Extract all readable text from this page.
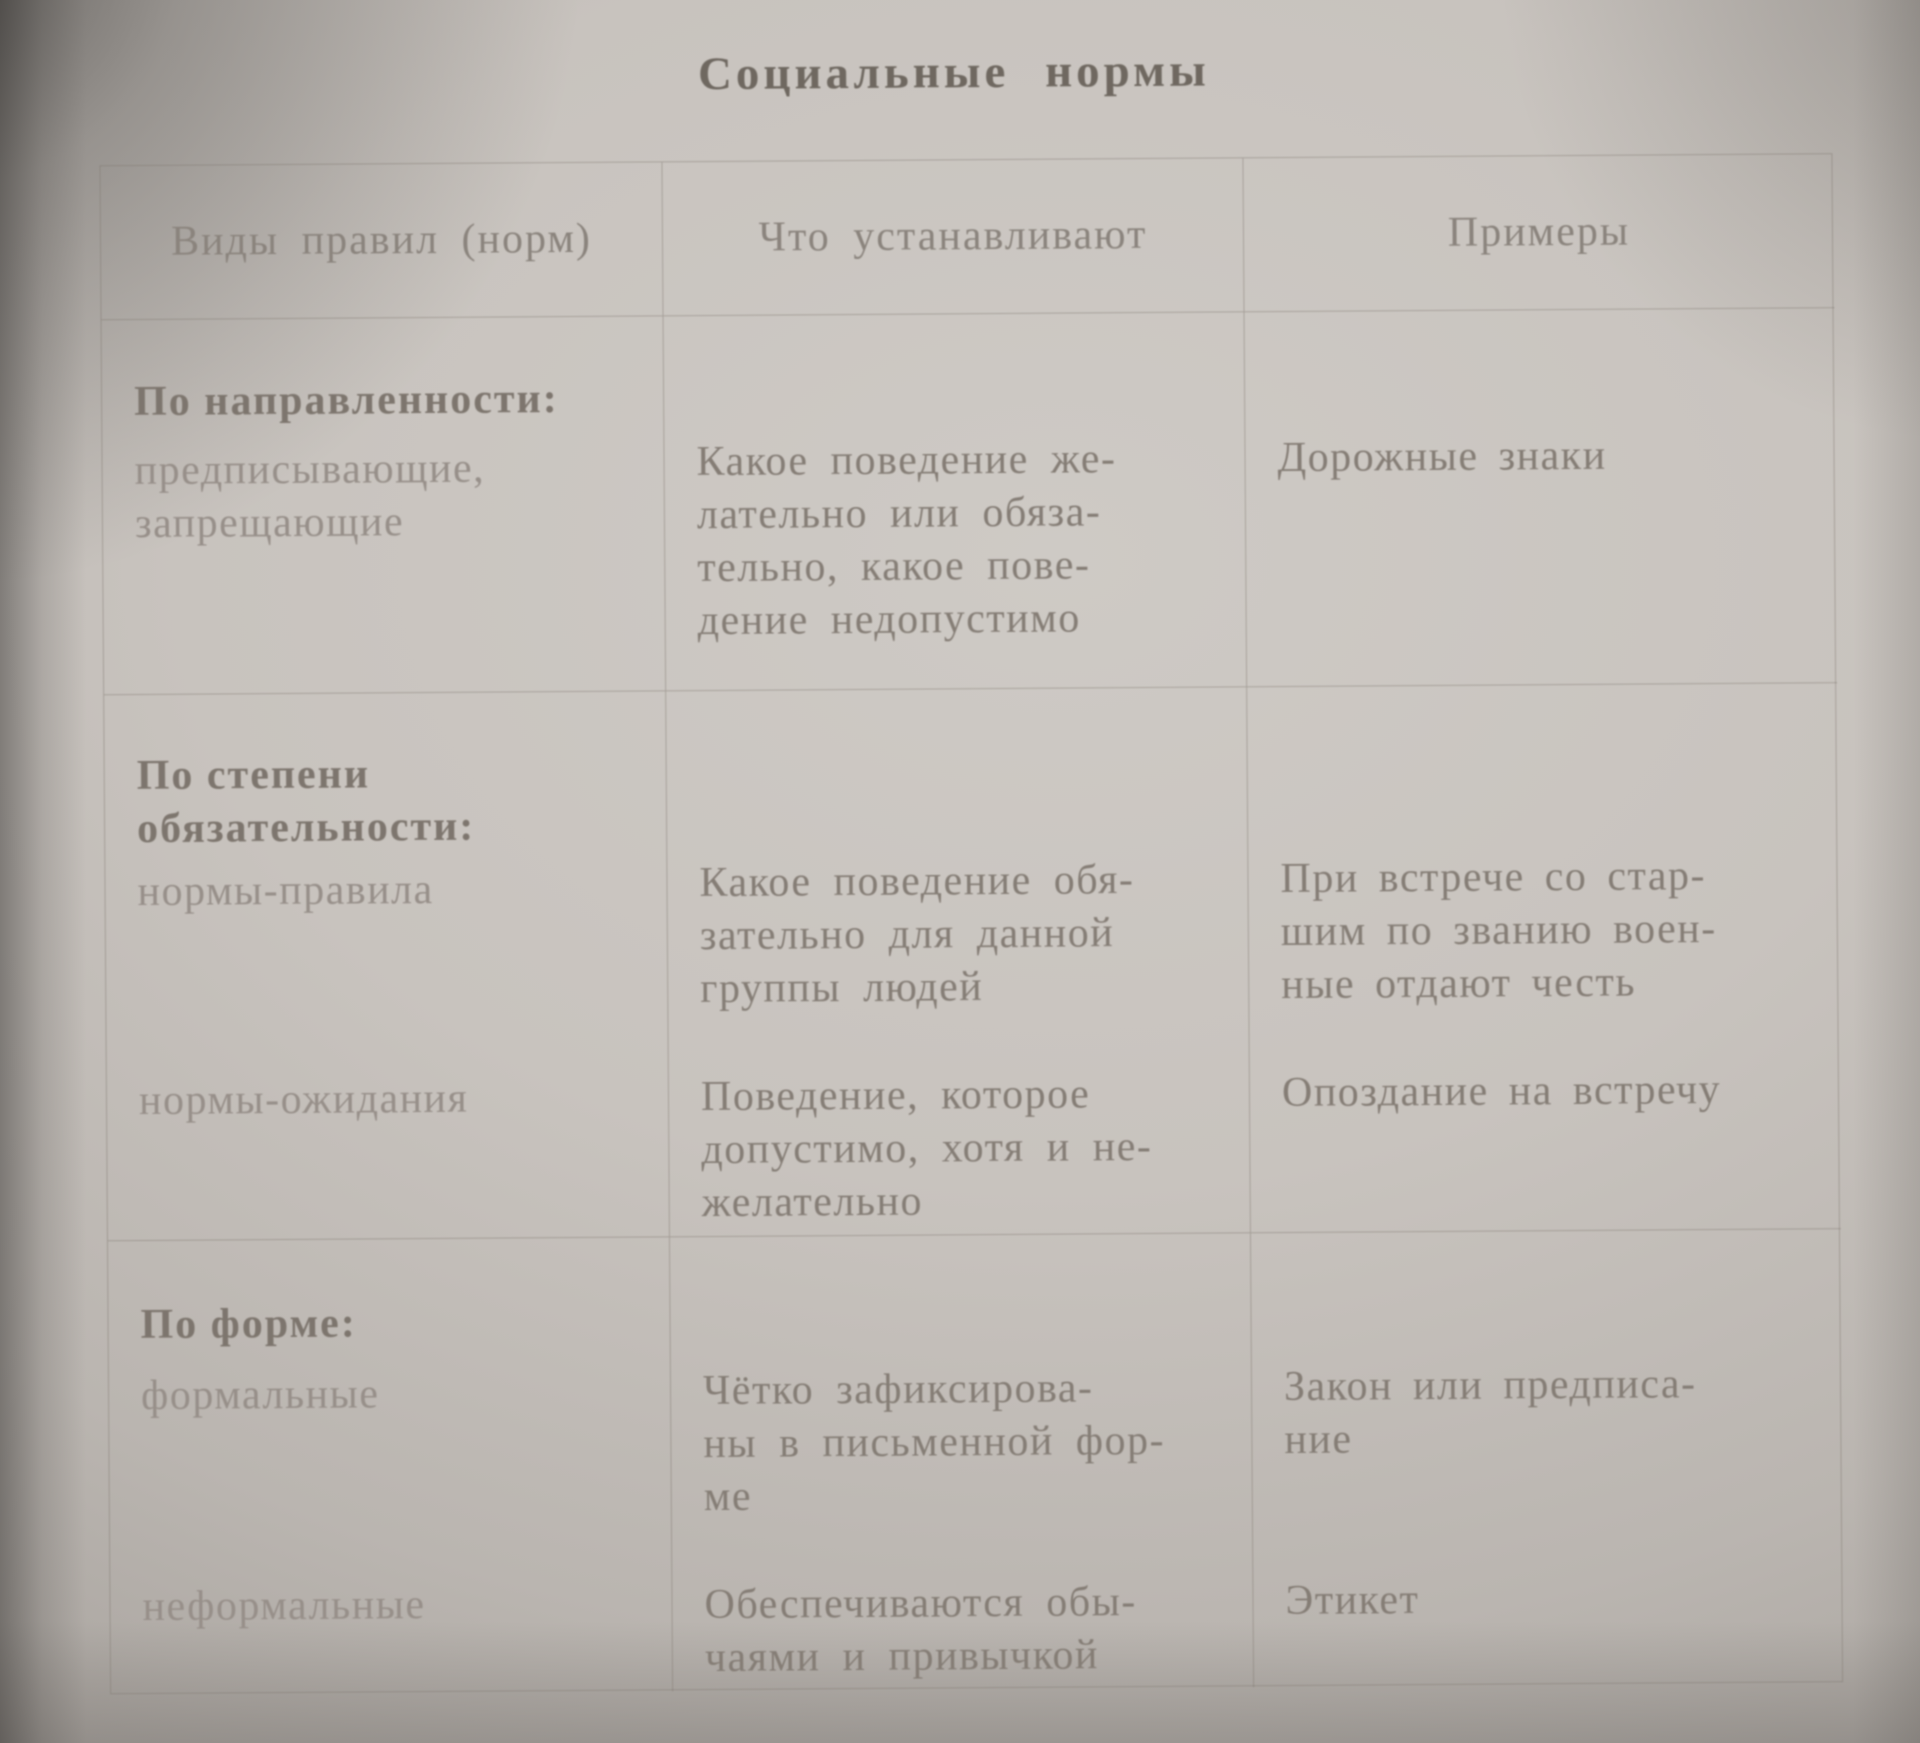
Социальные нормы
Виды правил (норм)	Что устанавливают	Примеры
По направленности:
предписывающие,
запрещающие
Какое поведение же-
лательно или обяза-
тельно, какое пове-
дение недопустимо
Дорожные знаки
По степени
обязательности:
нормы-правила
нормы-ожидания
Какое поведение обя-
зательно для данной
группы людей
Поведение, которое
допустимо, хотя и не-
желательно
При встрече со стар-
шим по званию воен-
ные отдают честь
Опоздание на встречу
По форме:
формальные
неформальные
Чётко зафиксирова-
ны в письменной фор-
ме
Обеспечиваются обы-
чаями и привычкой
Закон или предписа-
ние
Этикет
